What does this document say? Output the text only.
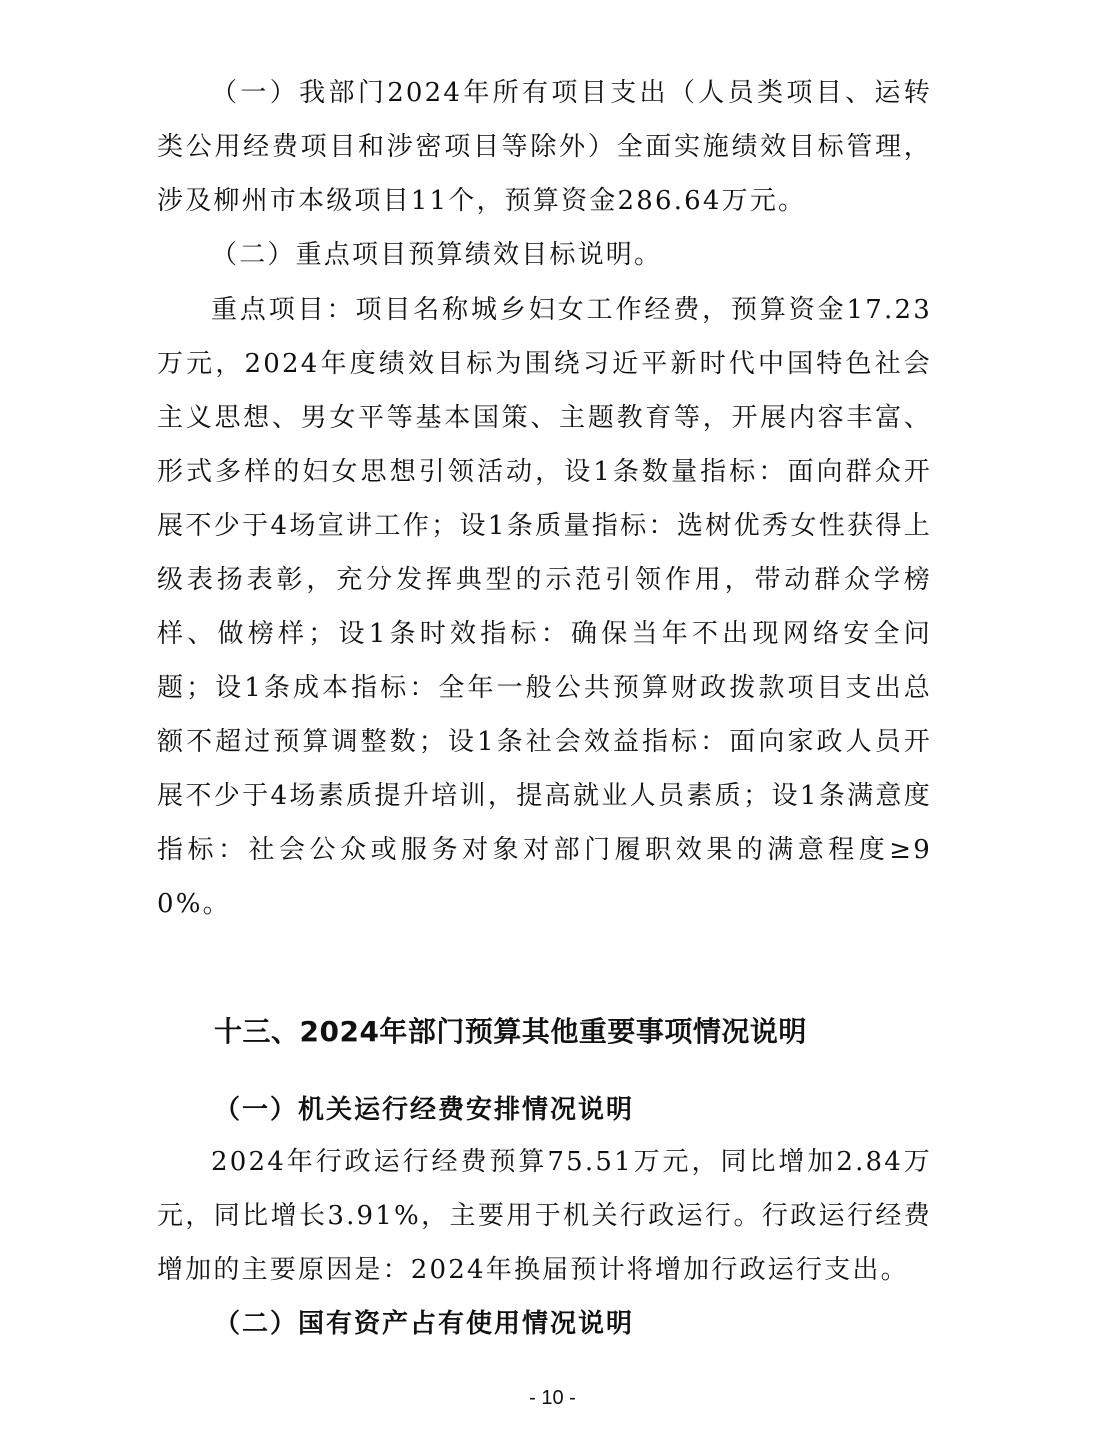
（一）我部门2024年所有项目支出（人员类项目、运转类公用经费项目和涉密项目等除外）全面实施绩效目标管理，涉及柳州市本级项目11个，预算资金286.64万元。

（二）重点项目预算绩效目标说明。

重点项目：项目名称城乡妇女工作经费，预算资金17.23万元，2024年度绩效目标为围绕习近平新时代中国特色社会主义思想、男女平等基本国策、主题教育等，开展内容丰富、形式多样的妇女思想引领活动，设1条数量指标：面向群众开展不少于4场宣讲工作；设1条质量指标：选树优秀女性获得上级表扬表彰，充分发挥典型的示范引领作用，带动群众学榜样、做榜样；设1条时效指标：确保当年不出现网络安全问题；设1条成本指标：全年一般公共预算财政拨款项目支出总额不超过预算调整数；设1条社会效益指标：面向家政人员开展不少于4场素质提升培训，提高就业人员素质；设1条满意度指标：社会公众或服务对象对部门履职效果的满意程度≥90%。

十三、2024年部门预算其他重要事项情况说明
（一）机关运行经费安排情况说明

2024年行政运行经费预算75.51万元，同比增加2.84万元，同比增长3.91%，主要用于机关行政运行。行政运行经费增加的主要原因是：2024年换届预计将增加行政运行支出。

（二）国有资产占有使用情况说明
- 10 -
